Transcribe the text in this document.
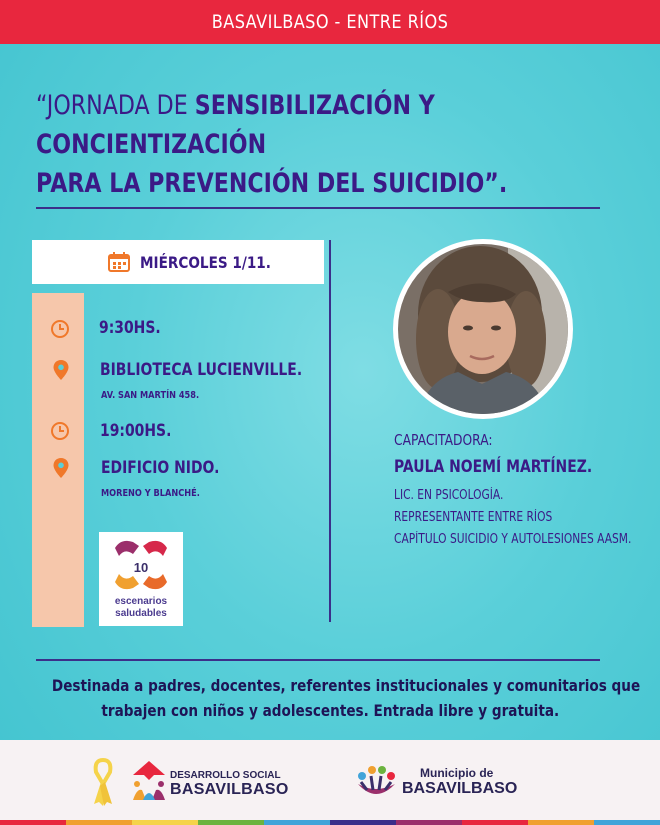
BASAVILBASO - ENTRE RÍOS
“JORNADA DE SENSIBILIZACIÓN Y CONCIENTIZACIÓN
PARA LA PREVENCIÓN DEL SUICIDIO”.
MIÉRCOLES 1/11.
9:30HS.
BIBLIOTECA LUCIENVILLE.
AV. SAN MARTÍN 458.
19:00HS.
EDIFICIO NIDO.
MORENO Y BLANCHÉ.
10
escenarios
saludables
CAPACITADORA:
PAULA NOEMÍ MARTÍNEZ.
LIC. EN PSICOLOGÍA.
REPRESENTANTE ENTRE RÍOS
CAPÍTULO SUICIDIO Y AUTOLESIONES AASM.
Destinada a padres, docentes, referentes institucionales y comunitarios que
trabajen con niños y adolescentes. Entrada libre y gratuita.
DESARROLLO SOCIAL
BASAVILBASO
Municipio de
BASAVILBASO
